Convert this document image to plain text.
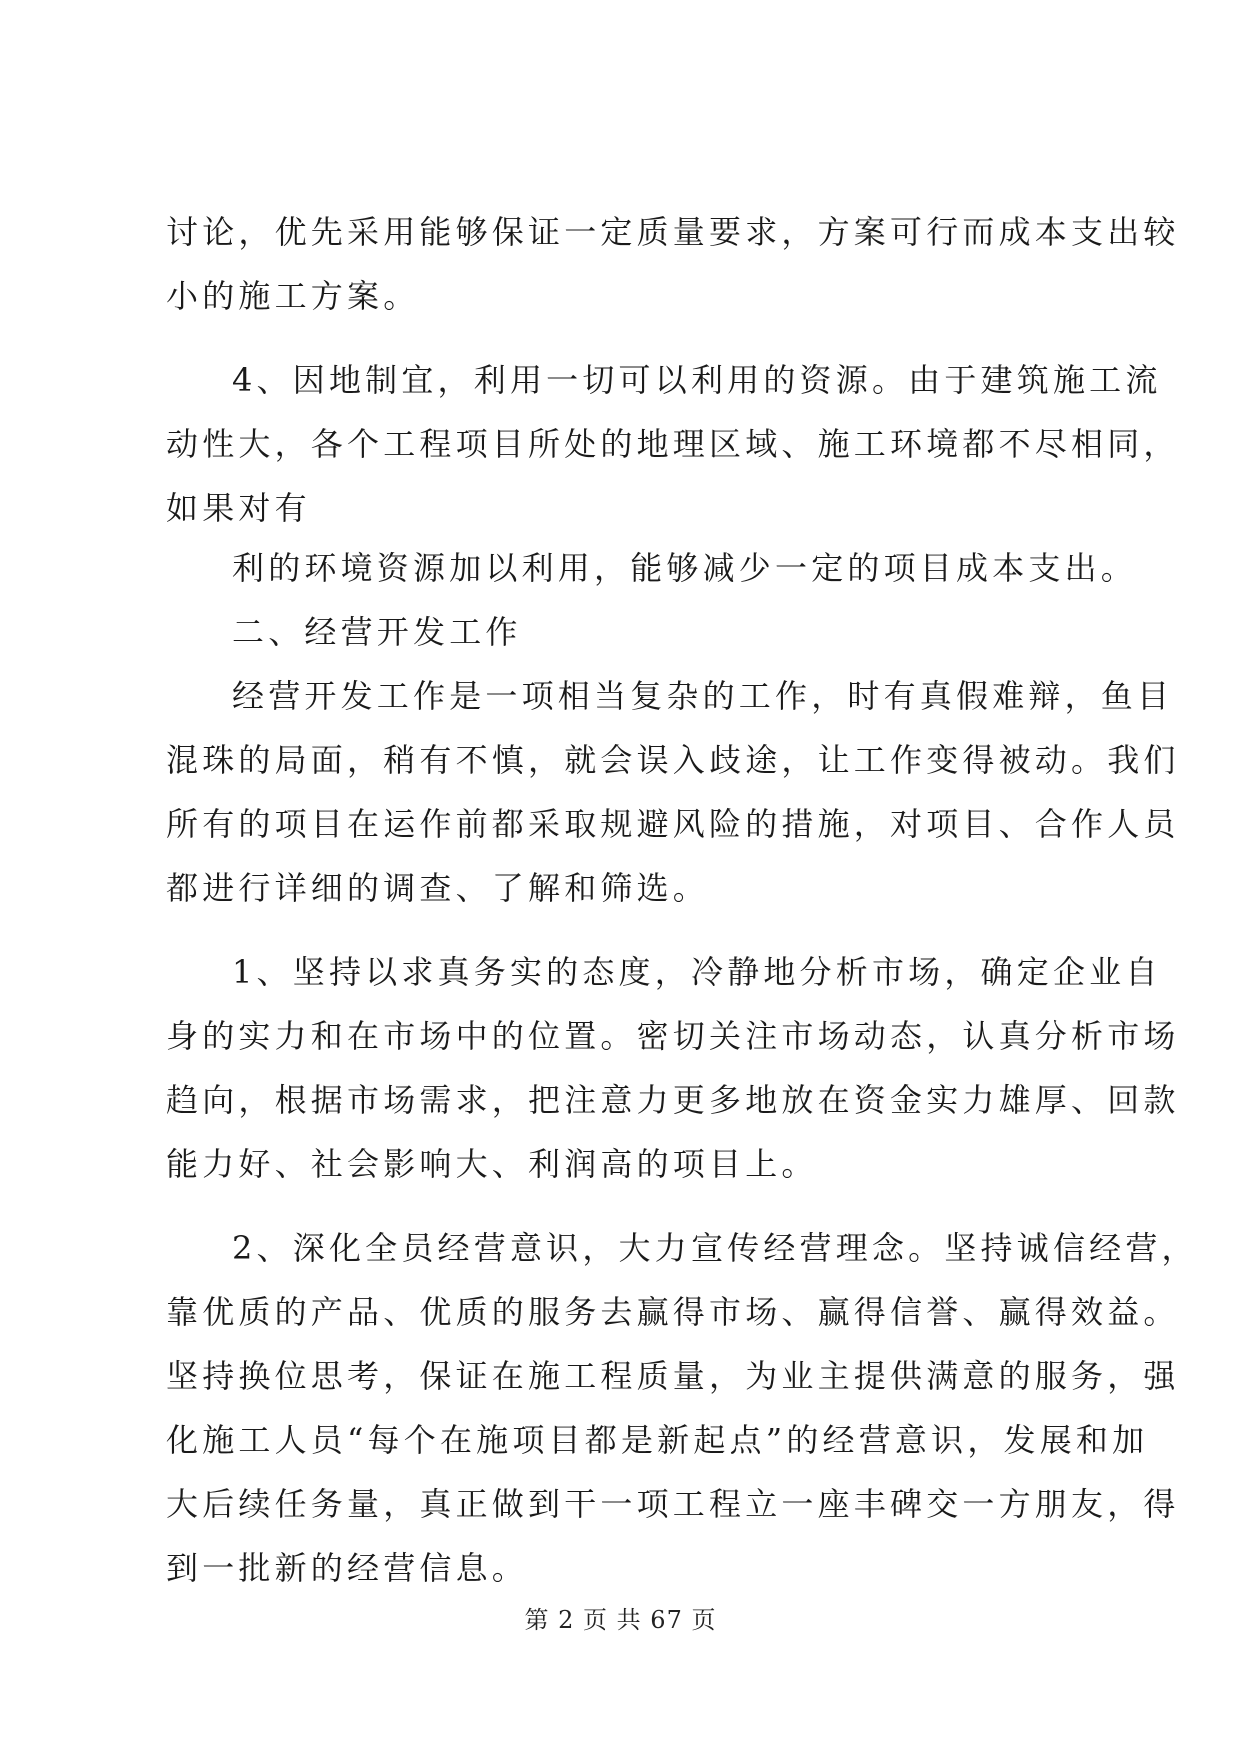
讨论，优先采用能够保证一定质量要求，方案可行而成本支出较
小的施工方案。
4、因地制宜，利用一切可以利用的资源。由于建筑施工流
动性大，各个工程项目所处的地理区域、施工环境都不尽相同，
如果对有
利的环境资源加以利用，能够减少一定的项目成本支出。
二、经营开发工作
经营开发工作是一项相当复杂的工作，时有真假难辩，鱼目
混珠的局面，稍有不慎，就会误入歧途，让工作变得被动。我们
所有的项目在运作前都采取规避风险的措施，对项目、合作人员
都进行详细的调查、了解和筛选。
1、坚持以求真务实的态度，冷静地分析市场，确定企业自
身的实力和在市场中的位置。密切关注市场动态，认真分析市场
趋向，根据市场需求，把注意力更多地放在资金实力雄厚、回款
能力好、社会影响大、利润高的项目上。
2、深化全员经营意识，大力宣传经营理念。坚持诚信经营，
靠优质的产品、优质的服务去赢得市场、赢得信誉、赢得效益。
坚持换位思考，保证在施工程质量，为业主提供满意的服务，强
化施工人员“每个在施项目都是新起点”的经营意识，发展和加
大后续任务量，真正做到干一项工程立一座丰碑交一方朋友，得
到一批新的经营信息。
第 2 页 共 67 页
